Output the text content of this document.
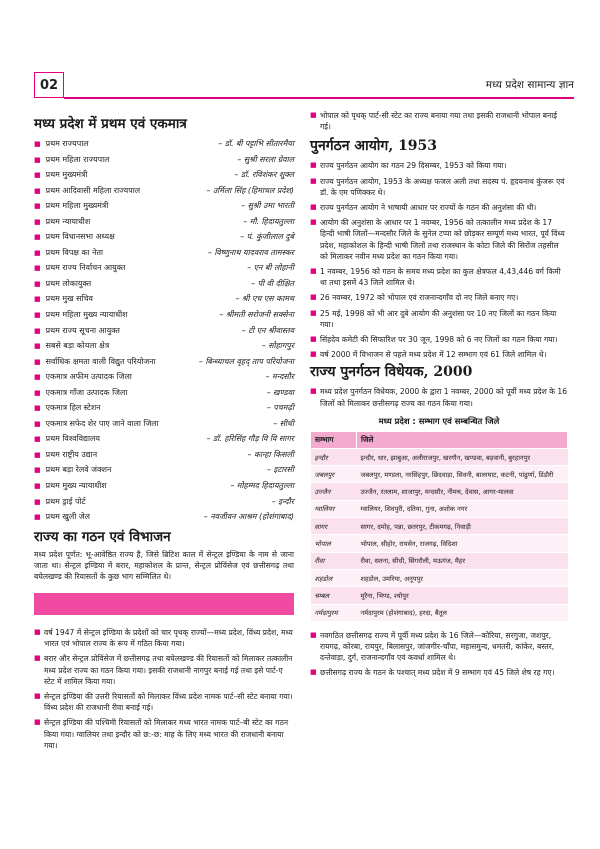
02	मध्य प्रदेश सामान्य ज्ञान
मध्य प्रदेश में प्रथम एवं एकमात्र
■ प्रथम राज्यपाल	– डॉ. बी पट्टाभि सीतारमैया
■ प्रथम महिला राज्यपाल	– सुश्री सरला ग्रेवाल
■ प्रथम मुख्यमंत्री	– डॉ. रविशंकर शुक्ल
■ प्रथम आदिवासी महिला राज्यपाल	– उर्मिला सिंह (हिमाचल प्रदेश)
■ प्रथम महिला मुख्यमंत्री	– सुश्री उमा भारती
■ प्रथम न्यायाधीश	– मौ. हिदायतुल्ला
■ प्रथम विधानसभा अध्यक्ष	– पं. कुंजीलाल दुबे
■ प्रथम विपक्ष का नेता	– विष्णुनाथ यादवराव तामस्कर
■ प्रथम राज्य निर्वाचन आयुक्त	– एन बी लोहानी
■ प्रथम लोकायुक्त	– पी वी दीक्षित
■ प्रथम मुख सचिव	– श्री एच एस कामथ
■ प्रथम महिला मुख्य न्यायाधीश	– श्रीमती सरोजनी सक्सेना
■ प्रथम राज्य सूचना आयुक्त	– टी एन श्रीवास्तव
■ सबसे बड़ा कोयला क्षेत्र	– सोहागपुर
■ सर्वाधिक क्षमता वाली विद्युत परियोजना	– बिन्ध्याचल वृहद् ताप परियोजना
■ एकमात्र अफीम उत्पादक जिला	– मन्दसौर
■ एकमात्र गाँजा उत्पादक जिला	– खण्डवा
■ एकमात्र हिल स्टेशन	– पचमढ़ी
■ एकमात्र सफेद शेर पाए जाने वाला जिला	– सीधी
■ प्रथम विश्वविद्यालय	– डॉ. हरिसिंह गौड़ वि वि सागर
■ प्रथम राष्ट्रीय उद्यान	– कान्हा किसली
■ प्रथम बड़ा रेलवे जंक्शन	– इटारसी
■ प्रथम मुख्य न्यायाधीश	– मोहम्मद हिदायतुल्ला
■ प्रथम ड्राई पोर्ट	– इन्दौर
■ प्रथम खुली जेल	– नवजीवन आश्रम (होशंगाबाद)
राज्य का गठन एवं विभाजन

मध्य प्रदेश पूर्णत: भू-आवेष्ठित राज्य है, जिसे ब्रिटिश काल में सेन्ट्रल इण्डिया के नाम से जाना जाता था। सेन्ट्रल इण्डिया में बरार, महाकोशल के प्रान्त, सेन्ट्रल प्रोविंसेज एवं छत्तीसगढ़ तथा बघेलखण्ड की रियासतों के कुछ भाग सम्मिलित थे।

■ वर्ष 1947 में सेन्ट्रल इण्डिया के प्रदेशों को चार पृथक् राज्यों—मध्य प्रदेश, विंध्य प्रदेश, मध्य भारत एवं भोपाल राज्य के रूप में गठित किया गया।
■ बरार और सेन्ट्रल प्रोविंसेज में छत्तीसगढ़ तथा बघेलखण्ड की रियासतों को मिलाकर तत्कालीन मध्य प्रदेश राज्य का गठन किया गया। इसकी राजधानी नागपुर बनाई गई तथा इसे पार्ट-ए स्टेट में शामिल किया गया।
■ सेन्ट्रल इण्डिया की उत्तरी रियासतों को मिलाकर विंध्य प्रदेश नामक पार्ट–सी स्टेट बनाया गया। विंध्य प्रदेश की राजधानी रीवा बनाई गई।
■ सेन्ट्रल इण्डिया की पश्चिमी रियासतों को मिलाकर मध्य भारत नामक पार्ट–बी स्टेट का गठन किया गया। ग्वालियर तथा इन्दौर को छ:-छ: माह के लिए मध्य भारत की राजधानी बनाया गया।
■ भोपाल को पृथक् पार्ट-सी स्टेट का राज्य बनाया गया तथा इसकी राजधानी भोपाल बनाई गई।
पुनर्गठन आयोग, 1953
■ राज्य पुनर्गठन आयोग का गठन 29 दिसम्बर, 1953 को किया गया।
■ राज्य पुनर्गठन आयोग, 1953 के अध्यक्ष फजल अली तथा सदस्य पं. हृदयनाथ कुंजरू एवं डॉ. के एम पणिक्कर थे।
■ राज्य पुनर्गठन आयोग ने भाषायी आधार पर राज्यों के गठन की अनुशंसा की थी।
■ आयोग की अनुशंसा के आधार पर 1 नवम्बर, 1956 को तत्कालीन मध्य प्रदेश के 17 हिन्दी भाषी जिलों—मन्दसौर जिले के सुनेल टप्पा को छोड़कर सम्पूर्ण मध्य भारत, पूर्व विंध्य प्रदेश, महाकोशल के हिन्दी भाषी जिलों तथा राजस्थान के कोटा जिले की सिरोंज तहसील को मिलाकर नवीन मध्य प्रदेश का गठन किया गया।
■ 1 नवम्बर, 1956 को गठन के समय मध्य प्रदेश का कुल क्षेत्रफल 4,43,446 वर्ग किमी था तथा इसमें 43 जिले शामिल थे।
■ 26 नवम्बर, 1972 को भोपाल एवं राजनान्दगाँव दो नए जिले बनाए गए।
■ 25 मई, 1998 को भी आर दुबे आयोग की अनुशंसा पर 10 नए जिलों का गठन किया गया।
■ सिंहदेव कमेटी की सिफारिश पर 30 जून, 1998 को 6 नए जिलों का गठन किया गया।
■ वर्ष 2000 में विभाजन से पहले मध्य प्रदेश में 12 सम्भाग एवं 61 जिले शामिल थे।
राज्य पुनर्गठन विधेयक, 2000
■ मध्य प्रदेश पुनर्गठन विधेयक, 2000 के द्वारा 1 नवम्बर, 2000 को पूर्वी मध्य प्रदेश के 16 जिलों को मिलाकर छत्तीसगढ़ राज्य का गठन किया गया।
मध्य प्रदेश : सम्भाग एवं सम्बन्धित जिले
सम्भाग	जिले
इन्दौर	इन्दौर, धार, झाबुआ, अलीराजपुर, खरगौन, खण्डवा, बड़वानी, बुरहानपुर
जबलपुर	जबलपुर, मण्डला, नरसिंहपुर, छिंदवाड़ा, सिवनी, बालाघाट, कटनी, पांढुर्णा, डिंडौरी
उज्जैन	उज्जैन, रतलाम, शाजापुर, मन्दसौर, नीमच, देवास, आगर-मालवा
ग्वालियर	ग्वालियर, शिवपुरी, दतिया, गुना, अशोक नगर
सागर	सागर, दमोह, पन्ना, छतरपुर, टीकमगढ़, निवाड़ी
भोपाल	भोपाल, सीहोर, रायसेन, राजगढ़, विदिशा
रीवा	रीवा, सतना, सीधी, सिंगरौली, मऊगंज, मैहर
शहडोल	शहडोल, उमरिया, अनूपपुर
चम्बल	मुरैना, भिण्ड, श्योपुर
नर्मदापुरम	नर्मदापुरम (होशंगाबाद), हरदा, बैतूल
■ नवगठित छत्तीसगढ़ राज्य में पूर्वी मध्य प्रदेश के 16 जिले—कोरिया, सरगुजा, जशपुर, रायगढ़, कोरबा, रायपुर, बिलासपुर, जांजगीर-चाँपा, महासमुन्द, धमतरी, कांकेर, बस्तर, दन्तेवाड़ा, दुर्ग, राजनान्दगाँव एवं कवर्धा शामिल थे।
■ छत्तीसगढ़ राज्य के गठन के पश्चात् मध्य प्रदेश में 9 सम्भाग एवं 45 जिले शेष रह गए।
